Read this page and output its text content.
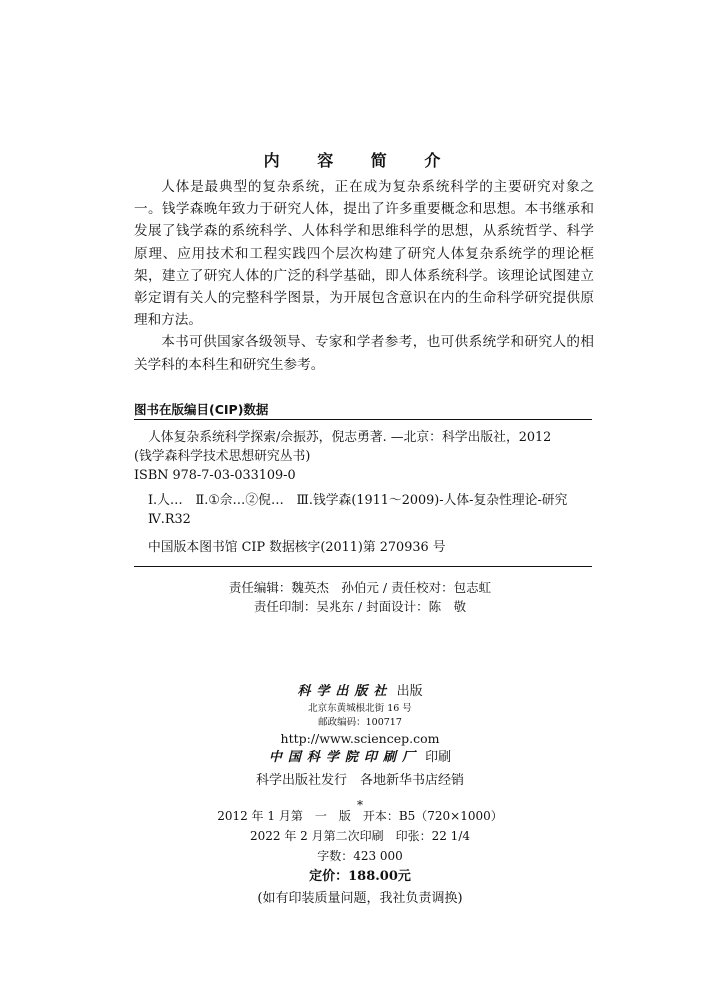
内 容 简 介

人体是最典型的复杂系统，正在成为复杂系统科学的主要研究对象之一。钱学森晚年致力于研究人体，提出了许多重要概念和思想。本书继承和发展了钱学森的系统科学、人体科学和思维科学的思想，从系统哲学、科学原理、应用技术和工程实践四个层次构建了研究人体复杂系统学的理论框架，建立了研究人体的广泛的科学基础，即人体系统科学。该理论试图建立彰定谓有关人的完整科学图景，为开展包含意识在内的生命科学研究提供原理和方法。

本书可供国家各级领导、专家和学者参考，也可供系统学和研究人的相关学科的本科生和研究生参考。

图书在版编目(CIP)数据
人体复杂系统科学探索/佘振苏，倪志勇著. —北京：科学出版社，2012
(钱学森科学技术思想研究丛书)
ISBN 978-7-03-033109-0
Ⅰ.人…　Ⅱ.①佘…②倪…　Ⅲ.钱学森(1911～2009)-人体-复杂性理论-研究　Ⅳ.R32
中国版本图书馆 CIP 数据核字(2011)第 270936 号
责任编辑：魏英杰　孙伯元 / 责任校对：包志虹
责任印制：吴兆东 / 封面设计：陈　敬
科学出版社 出版
北京东黄城根北街 16 号
邮政编码：100717
http://www.sciencep.com
中国科学院印刷厂 印刷
科学出版社发行　各地新华书店经销
*
2012 年 1 月第　一　版　开本：B5（720×1000）
2022 年 2 月第二次印刷　印张：22 1/4
字数：423 000
定价：188.00元
(如有印装质量问题，我社负责调换)
